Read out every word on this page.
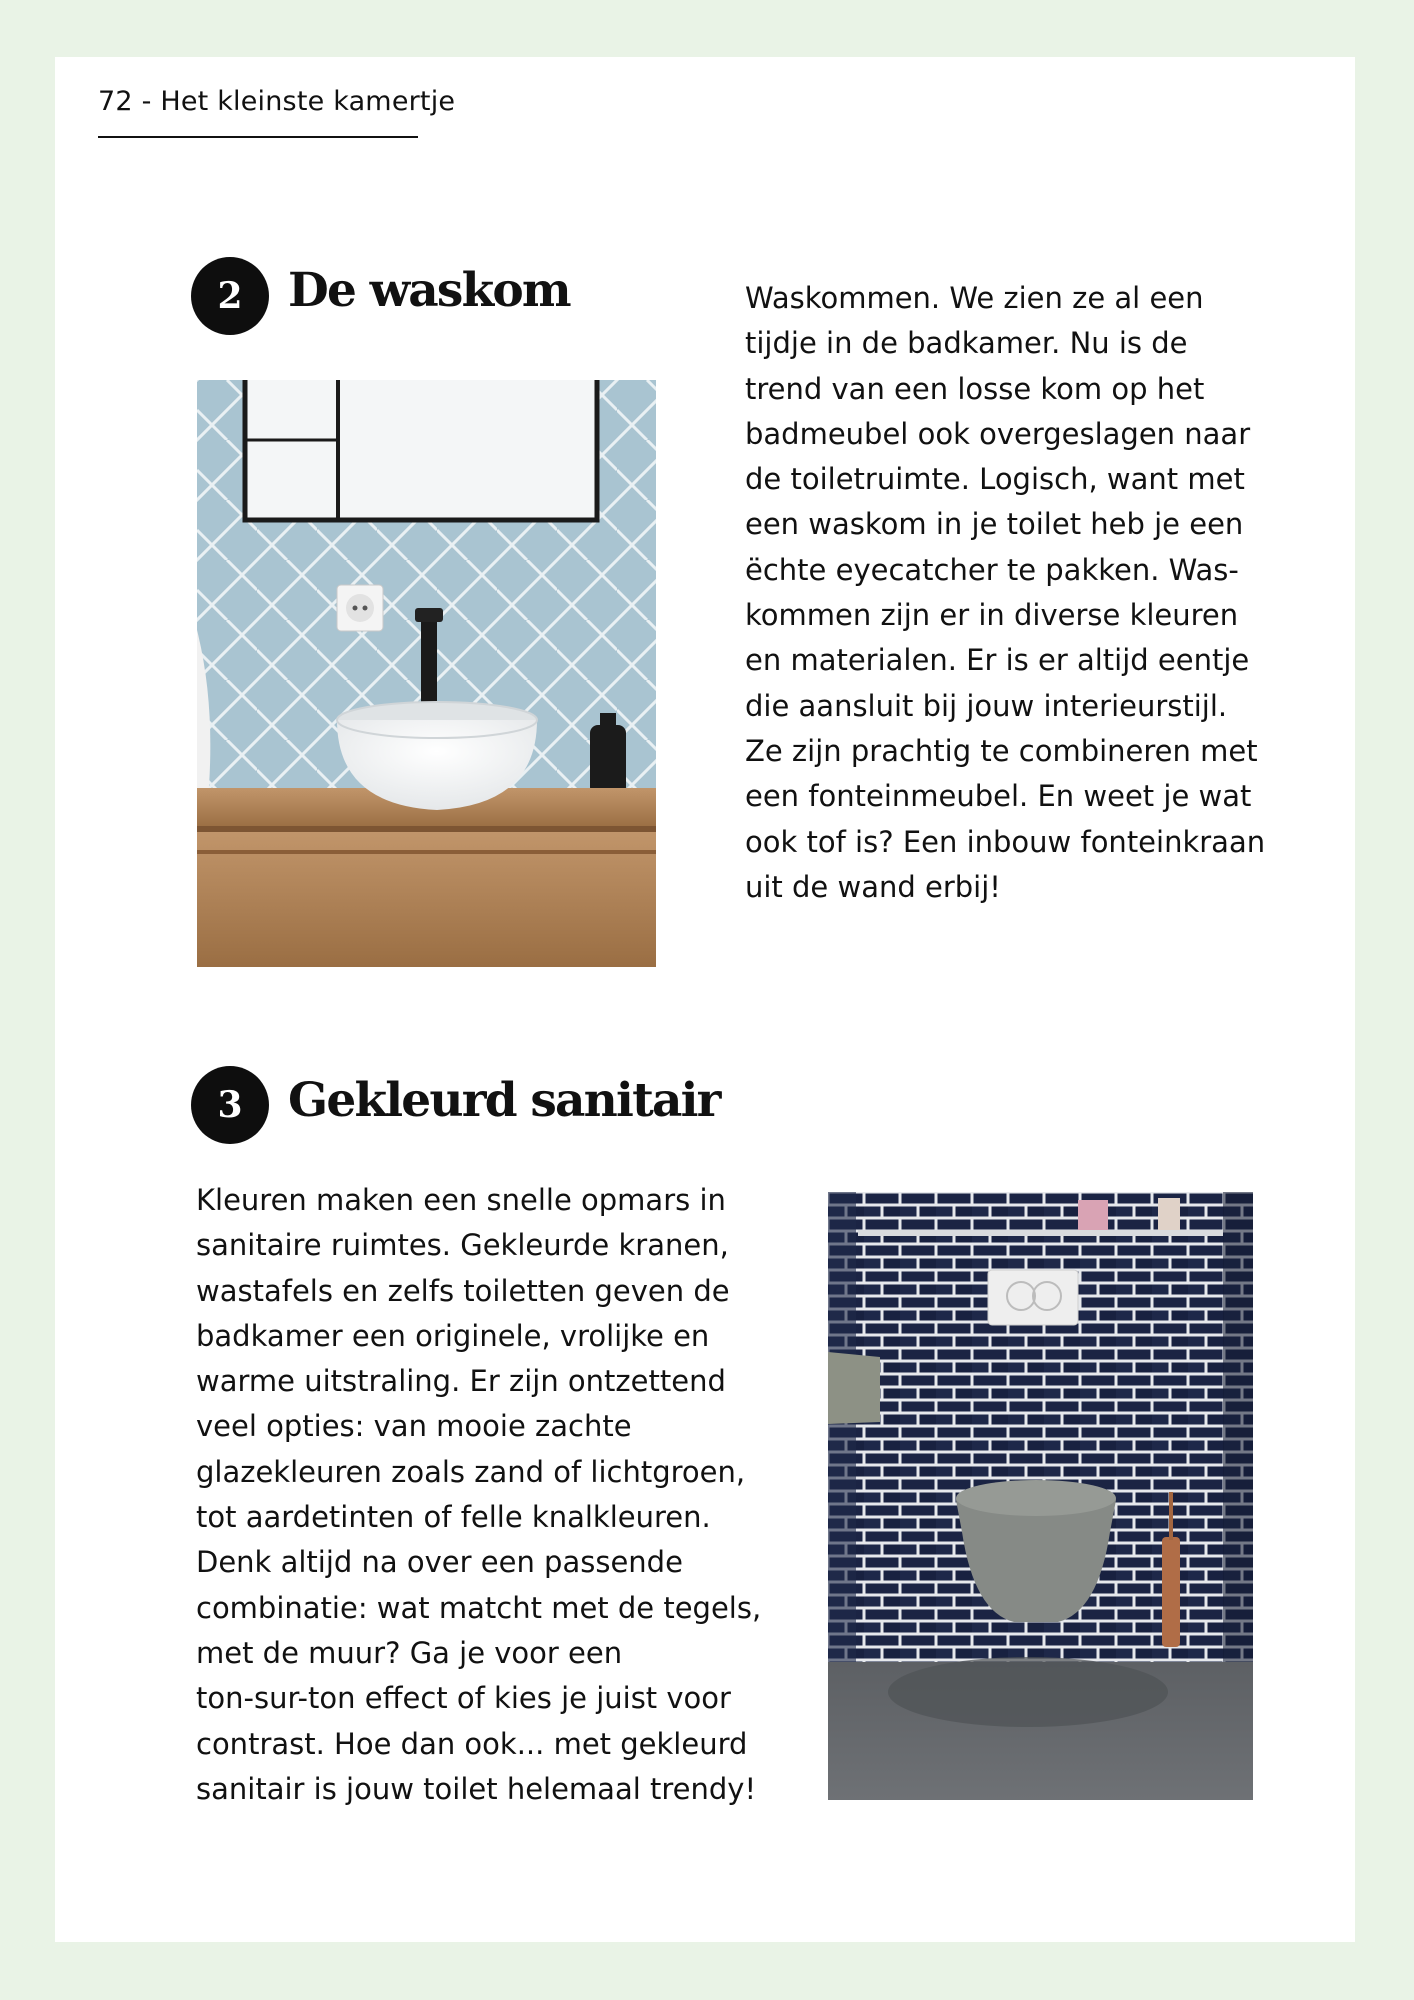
72 - Het kleinste kamertje
2 De waskom	Waskommen. We zien ze al een
tijdje in de badkamer. Nu is de
trend van een losse kom op het
badmeubel ook overgeslagen naar
de toiletruimte. Logisch, want met
een waskom in je toilet heb je een
ëchte eyecatcher te pakken. Was-
kommen zijn er in diverse kleuren
en materialen. Er is er altijd eentje
die aansluit bij jouw interieurstijl.
Ze zijn prachtig te combineren met
een fonteinmeubel. En weet je wat
ook tof is? Een inbouw fonteinkraan
uit de wand erbij!
3 Gekleurd sanitair
Kleuren maken een snelle opmars in
sanitaire ruimtes. Gekleurde kranen,
wastafels en zelfs toiletten geven de
badkamer een originele, vrolijke en
warme uitstraling. Er zijn ontzettend
veel opties: van mooie zachte
glazekleuren zoals zand of lichtgroen,
tot aardetinten of felle knalkleuren.
Denk altijd na over een passende
combinatie: wat matcht met de tegels,
met de muur? Ga je voor een
ton-sur-ton effect of kies je juist voor
contrast. Hoe dan ook... met gekleurd
sanitair is jouw toilet helemaal trendy!
